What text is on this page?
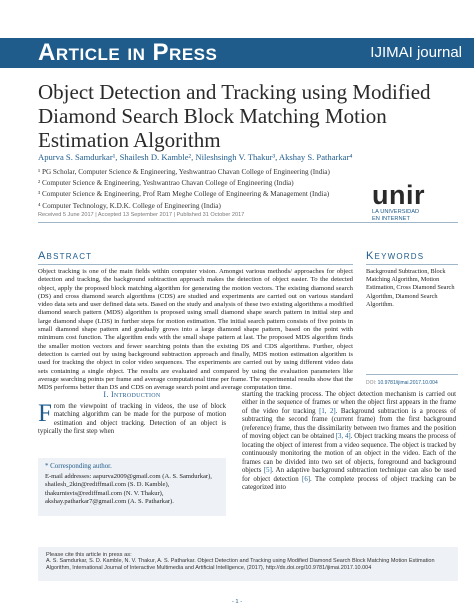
Article in Press	IJIMAI journal
Object Detection and Tracking using Modified Diamond Search Block Matching Motion Estimation Algorithm
Apurva S. Samdurkar¹, Shailesh D. Kamble², Nileshsingh V. Thakur³, Akshay S. Patharkar⁴
¹ PG Scholar, Computer Science & Engineering, Yeshwantrao Chavan College of Engineering (India)
² Computer Science & Engineering, Yeshwantrao Chavan College of Engineering (India)
³ Computer Science & Engineering, Prof Ram Meghe College of Engineering & Management (India)
⁴ Computer Technology, K.D.K. College of Engineering (India)	unir
LA UNIVERSIDAD
EN INTERNET
Received 5 June 2017 | Accepted 13 September 2017 | Published 31 October 2017
Abstract	Keywords
Object tracking is one of the main fields within computer vision. Amongst various methods/ approaches for object detection and tracking, the background subtraction approach makes the detection of object easier. To the detected object, apply the proposed block matching algorithm for generating the motion vectors. The existing diamond search (DS) and cross diamond search algorithms (CDS) are studied and experiments are carried out on various standard video data sets and user defined data sets. Based on the study and analysis of these two existing algorithms a modified diamond search pattern (MDS) algorithm is proposed using small diamond shape search pattern in initial step and large diamond shape (LDS) in further steps for motion estimation. The initial search pattern consists of five points in small diamond shape pattern and gradually grows into a large diamond shape pattern, based on the point with minimum cost function. The algorithm ends with the small shape pattern at last. The proposed MDS algorithm finds the smaller motion vectors and fewer searching points than the existing DS and CDS algorithms. Further, object detection is carried out by using background subtraction approach and finally, MDS motion estimation algorithm is used for tracking the object in color video sequences. The experiments are carried out by using different video data sets containing a single object. The results are evaluated and compared by using the evaluation parameters like average searching points per frame and average computational time per frame. The experimental results show that the MDS performs better than DS and CDS on average search point and average computation time.
Background Subtraction, Block Matching Algorithm, Motion Estimation, Cross Diamond Search Algorithm, Diamond Search Algorithm.
DOI: 10.9781/ijimai.2017.10.004
I. Introduction
F rom the viewpoint of tracking in videos, the use of block matching algorithm can be made for the purpose of motion estimation and object tracking. Detection of an object is typically the first step when
* Corresponding author.
E-mail addresses: aapurva2009@gmail.com (A. S. Samdurkar), shailesh_2kin@rediffmail.com (S. D. Kamble), thakurnisvis@rediffmail.com (N. V. Thakur), akshay.patharkar7@gmail.com (A. S. Patharkar).
starting the tracking process. The object detection mechanism is carried out either in the sequence of frames or when the object first appears in the frame of the video for tracking [1, 2]. Background subtraction is a process of subtracting the second frame (current frame) from the first background (reference) frame, thus the dissimilarity between two frames and the position of moving object can be obtained [3, 4]. Object tracking means the process of locating the object of interest from a video sequence. The object is tracked by continuously monitoring the motion of an object in the video. Each of the frames can be divided into two set of objects, foreground and background objects [5]. An adaptive background subtraction technique can also be used for object detection [6]. The complete process of object tracking can be categorized into
Please cite this article in press as:
A. S. Samdurkar, S. D. Kamble, N. V. Thakur, A. S. Patharkar. Object Detection and Tracking using Modified Diamond Search Block Matching Motion Estimation Algorithm, International Journal of Interactive Multimedia and Artificial Intelligence, (2017), http://dx.doi.org/10.9781/ijimai.2017.10.004
- 1 -
